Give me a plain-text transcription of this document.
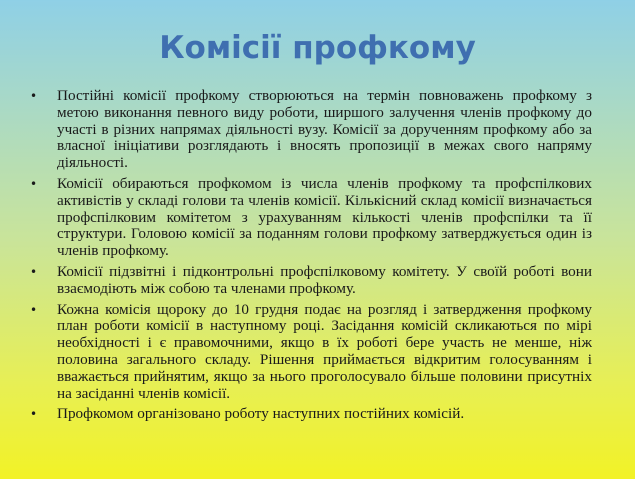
Комісії профкому
• Постійні комісії профкому створюються на термін повноважень профкому з метою виконання певного виду роботи, ширшого залучення членів профкому до участі в різних напрямах діяльності вузу. Комісії за дорученням профкому або за власної ініціативи розглядають і вносять пропозиції в межах свого напряму діяльності.
• Комісії обираються профкомом із числа членів профкому та профспілкових активістів у складі голови та членів комісії. Кількісний склад комісії визначається профспілковим комітетом з урахуванням кількості членів профспілки та її структури. Головою комісії за поданням голови профкому затверджується один із членів профкому.
• Комісії підзвітні і підконтрольні профспілковому комітету. У своїй роботі вони взаємодіють між собою та членами профкому.
• Кожна комісія щороку до 10 грудня подає на розгляд і затвердження профкому план роботи комісії в наступному році. Засідання комісій скликаються по мірі необхідності і є правомочними, якщо в їх роботі бере участь не менше, ніж половина загального складу. Рішення приймається відкритим голосуванням і вважається прийнятим, якщо за нього проголосувало більше половини присутніх на засіданні членів комісії.
• Профкомом організовано роботу наступних постійних комісій.
